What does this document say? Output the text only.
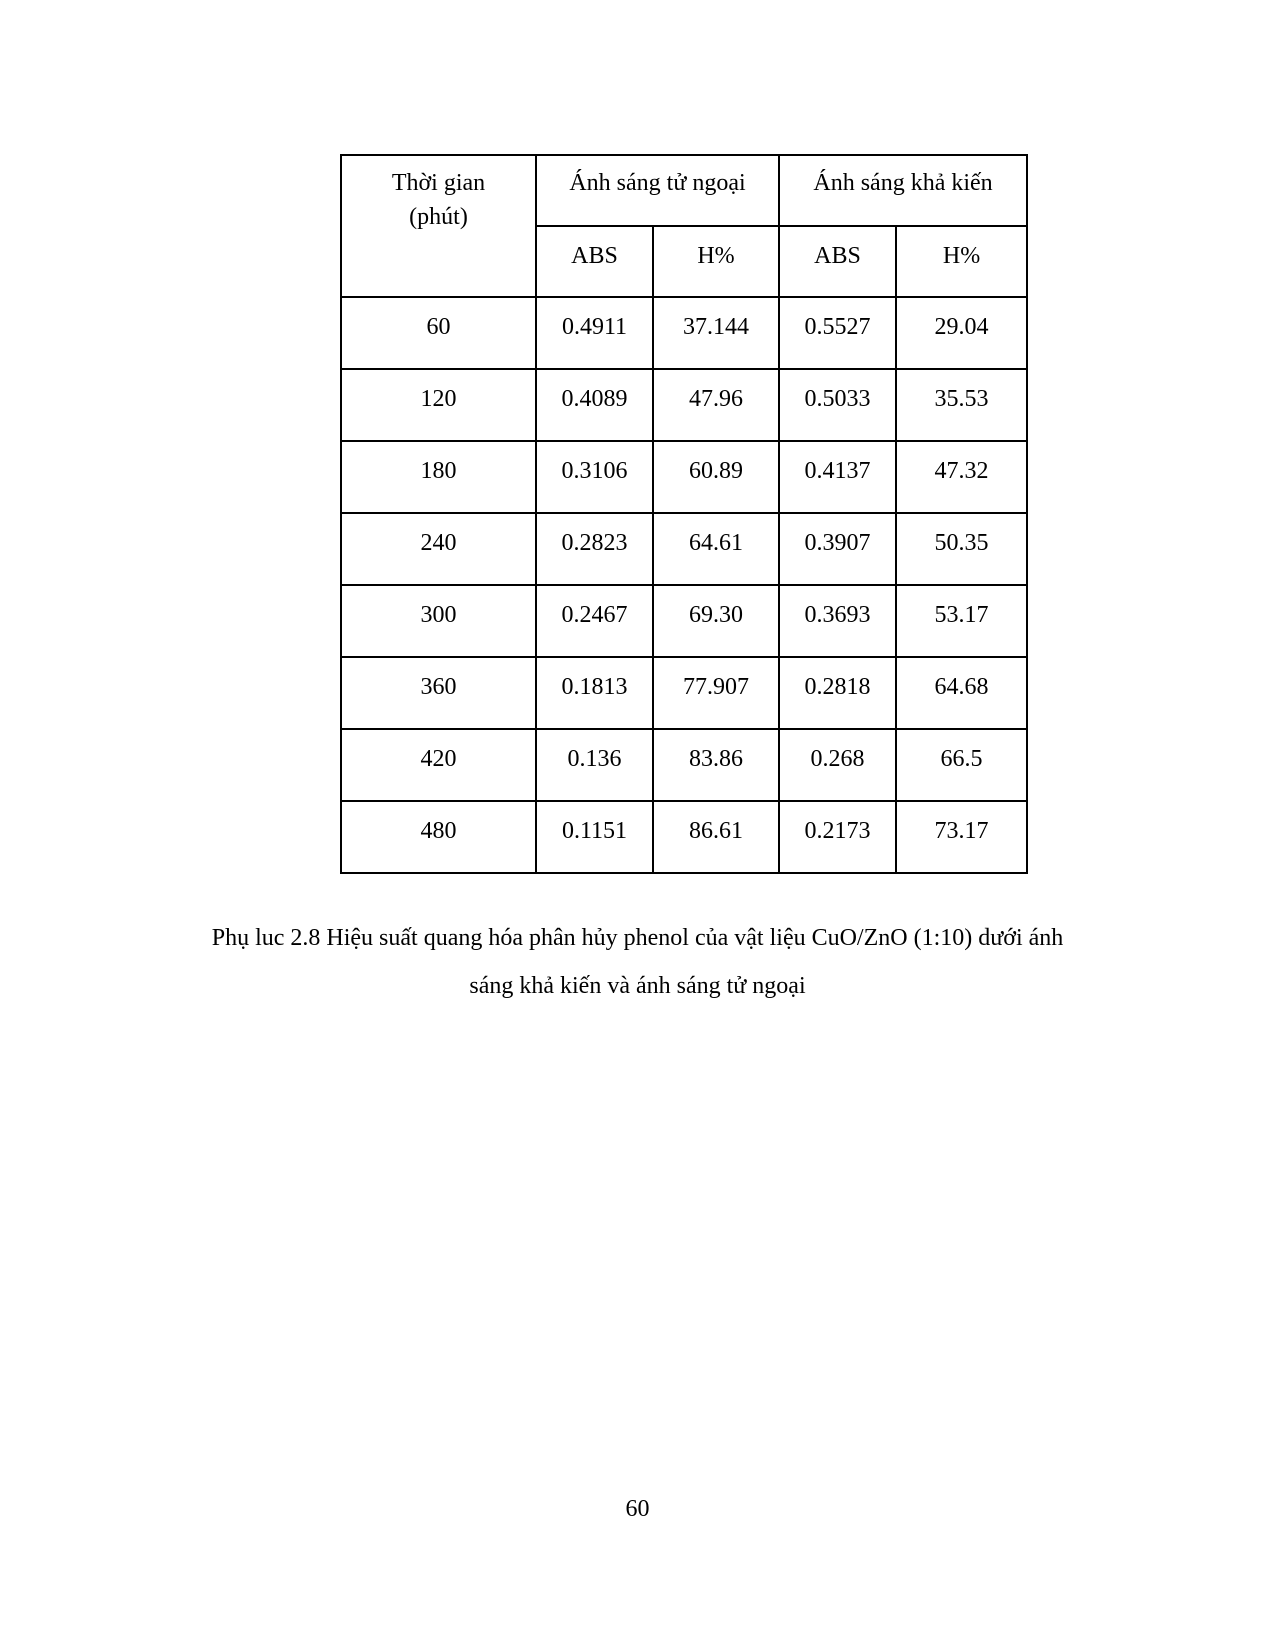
Thời gian
(phút)	Ánh sáng tử ngoại		Ánh sáng khả kiến	
	ABS	H%	ABS	H%
60	0.4911	37.144	0.5527	29.04
120	0.4089	47.96	0.5033	35.53
180	0.3106	60.89	0.4137	47.32
240	0.2823	64.61	0.3907	50.35
300	0.2467	69.30	0.3693	53.17
360	0.1813	77.907	0.2818	64.68
420	0.136	83.86	0.268	66.5
480	0.1151	86.61	0.2173	73.17
Phụ luc 2.8 Hiệu suất quang hóa phân hủy phenol của vật liệu CuO/ZnO (1:10) dưới ánh
sáng khả kiến và ánh sáng tử ngoại
60
